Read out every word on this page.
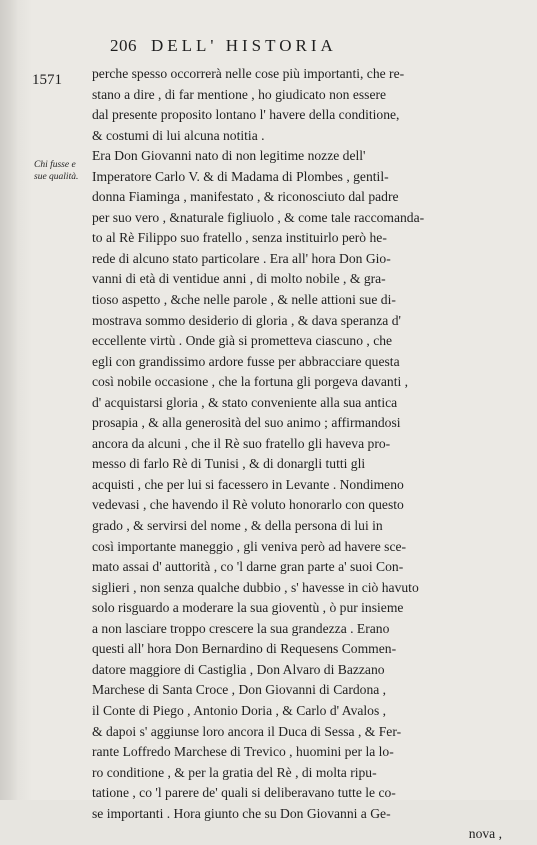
206 DELL' HISTORIA
1571
Chi fusse e
sue qualità.
perche spesso occorrerà nelle cose più importanti, che re-
stano a dire , di far mentione , ho giudicato non essere
dal presente proposito lontano l' havere della conditione,
& costumi di lui alcuna notitia .
Era Don Giovanni nato di non legitime nozze dell'
Imperatore Carlo V. & di Madama di Plombes , gentil-
donna Fiaminga , manifestato , & riconosciuto dal padre
per suo vero , &naturale figliuolo , & come tale raccomanda-
to al Rè Filippo suo fratello , senza instituirlo però he-
rede di alcuno stato particolare . Era all' hora Don Gio-
vanni di età di ventidue anni , di molto nobile , & gra-
tioso aspetto , &che nelle parole , & nelle attioni sue di-
mostrava sommo desiderio di gloria , & dava speranza d'
eccellente virtù . Onde già si prometteva ciascuno , che
egli con grandissimo ardore fusse per abbracciare questa
così nobile occasione , che la fortuna gli porgeva davanti ,
d' acquistarsi gloria , & stato conveniente alla sua antica
prosapia , & alla generosità del suo animo ; affirmandosi
ancora da alcuni , che il Rè suo fratello gli haveva pro-
messo di farlo Rè di Tunisi , & di donargli tutti gli
acquisti , che per lui si facessero in Levante . Nondimeno
vedevasi , che havendo il Rè voluto honorarlo con questo
grado , & servirsi del nome , & della persona di lui in
così importante maneggio , gli veniva però ad havere sce-
mato assai d' auttorità , co 'l darne gran parte a' suoi Con-
siglieri , non senza qualche dubbio , s' havesse in ciò havuto
solo risguardo a moderare la sua gioventù , ò pur insieme
a non lasciare troppo crescere la sua grandezza . Erano
questi all' hora Don Bernardino di Requesens Commen-
datore maggiore di Castiglia , Don Alvaro di Bazzano
Marchese di Santa Croce , Don Giovanni di Cardona ,
il Conte di Piego , Antonio Doria , & Carlo d' Avalos ,
& dapoi s' aggiunse loro ancora il Duca di Sessa , & Fer-
rante Loffredo Marchese di Trevico , huomini per la lo-
ro conditione , & per la gratia del Rè , di molta ripu-
tatione , co 'l parere de' quali si deliberavano tutte le co-
se importanti . Hora giunto che su Don Giovanni a Ge-
nova ,
